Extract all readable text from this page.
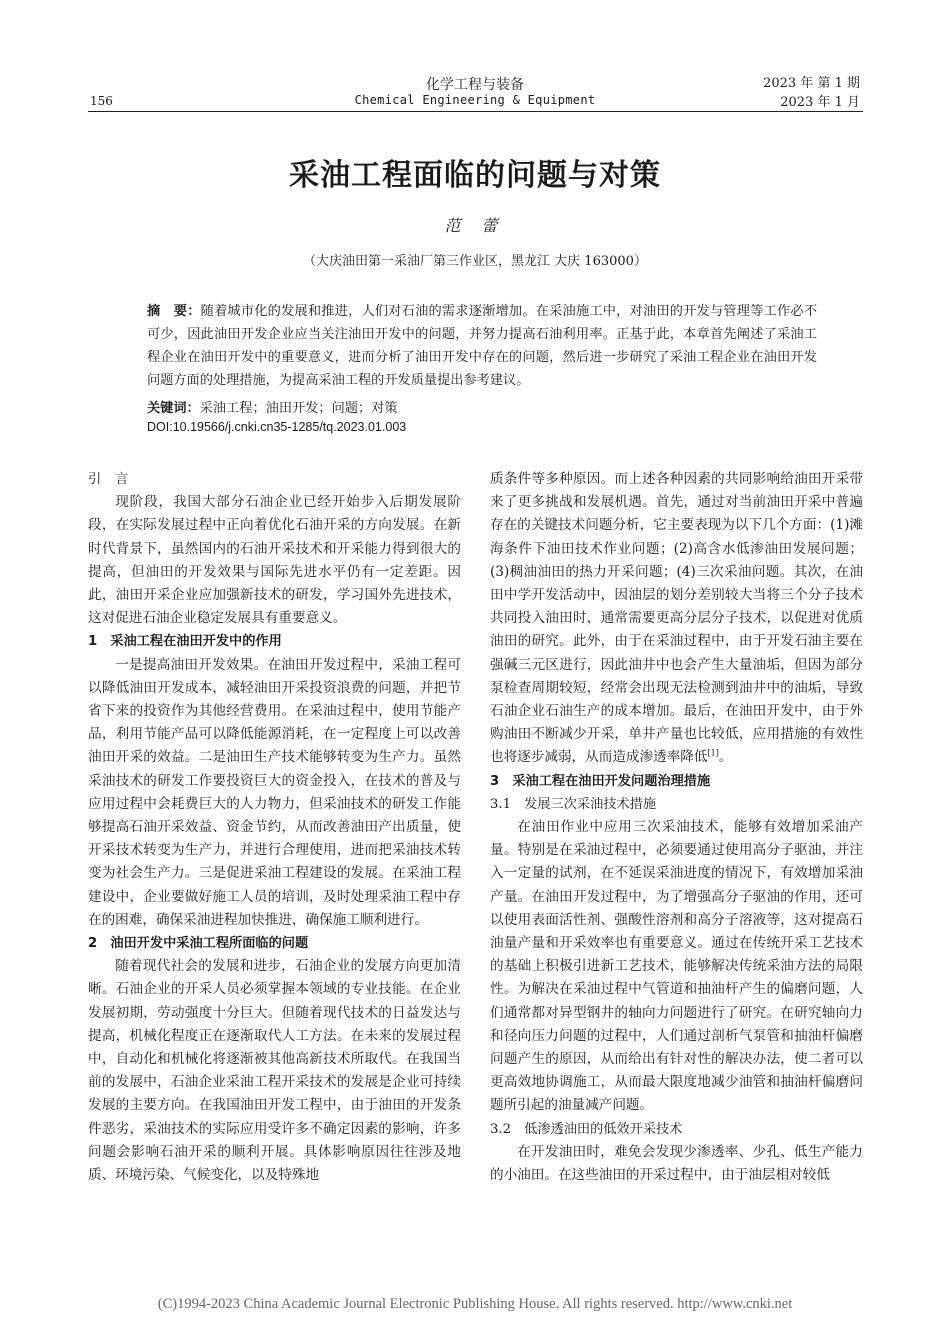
化学工程与装备
Chemical Engineering & Equipment
156
2023 年 第 1 期
2023 年 1 月
采油工程面临的问题与对策
范 蕾
（大庆油田第一采油厂第三作业区，黑龙江 大庆 163000）
摘　要：随着城市化的发展和推进，人们对石油的需求逐渐增加。在采油施工中，对油田的开发与管理等工作必不可少，因此油田开发企业应当关注油田开发中的问题，并努力提高石油利用率。正基于此，本章首先阐述了采油工程企业在油田开发中的重要意义，进而分析了油田开发中存在的问题，然后进一步研究了采油工程企业在油田开发问题方面的处理措施，为提高采油工程的开发质量提出参考建议。
关键词：采油工程；油田开发；问题；对策
DOI:10.19566/j.cnki.cn35-1285/tq.2023.01.003
引言

现阶段，我国大部分石油企业已经开始步入后期发展阶段，在实际发展过程中正向着优化石油开采的方向发展。在新时代背景下，虽然国内的石油开采技术和开采能力得到很大的提高，但油田的开发效果与国际先进水平仍有一定差距。因此，油田开采企业应加强新技术的研发，学习国外先进技术，这对促进石油企业稳定发展具有重要意义。

1　采油工程在油田开发中的作用

一是提高油田开发效果。在油田开发过程中，采油工程可以降低油田开发成本，减轻油田开采投资浪费的问题，并把节省下来的投资作为其他经营费用。在采油过程中，使用节能产品，利用节能产品可以降低能源消耗，在一定程度上可以改善油田开采的效益。二是油田生产技术能够转变为生产力。虽然采油技术的研发工作要投资巨大的资金投入，在技术的普及与应用过程中会耗费巨大的人力物力，但采油技术的研发工作能够提高石油开采效益、资金节约，从而改善油田产出质量，使开采技术转变为生产力，并进行合理使用，进而把采油技术转变为社会生产力。三是促进采油工程建设的发展。在采油工程建设中，企业要做好施工人员的培训，及时处理采油工程中存在的困难，确保采油进程加快推进，确保施工顺利进行。

2　油田开发中采油工程所面临的问题

随着现代社会的发展和进步，石油企业的发展方向更加清晰。石油企业的开采人员必须掌握本领域的专业技能。在企业发展初期，劳动强度十分巨大。但随着现代技术的日益发达与提高，机械化程度正在逐渐取代人工方法。在未来的发展过程中，自动化和机械化将逐渐被其他高新技术所取代。在我国当前的发展中，石油企业采油工程开采技术的发展是企业可持续发展的主要方向。在我国油田开发工程中，由于油田的开发条件恶劣，采油技术的实际应用受许多不确定因素的影响，许多问题会影响石油开采的顺利开展。具体影响原因往往涉及地质、环境污染、气候变化，以及特殊地

质条件等多种原因。而上述各种因素的共同影响给油田开采带来了更多挑战和发展机遇。首先，通过对当前油田开采中普遍存在的关键技术问题分析，它主要表现为以下几个方面：(1)滩海条件下油田技术作业问题；(2)高含水低渗油田发展问题；(3)稠油油田的热力开采问题；(4)三次采油问题。其次，在油田中学开发活动中，因油层的划分差别较大当将三个分子技术共同投入油田时，通常需要更高分层分子技术，以促进对优质油田的研究。此外，由于在采油过程中，由于开发石油主要在强碱三元区进行，因此油井中也会产生大量油垢，但因为部分泵检查周期较短，经常会出现无法检测到油井中的油垢，导致石油企业石油生产的成本增加。最后，在油田开发中，由于外购油田不断减少开采，单井产量也比较低，应用措施的有效性也将逐步减弱，从而造成渗透率降低[1]。

3　采油工程在油田开发问题治理措施
3.1　发展三次采油技术措施

在油田作业中应用三次采油技术，能够有效增加采油产量。特别是在采油过程中，必须要通过使用高分子驱油，并注入一定量的试剂，在不延误采油进度的情况下，有效增加采油产量。在油田开发过程中，为了增强高分子驱油的作用，还可以使用表面活性剂、强酸性溶剂和高分子溶液等，这对提高石油量产量和开采效率也有重要意义。通过在传统开采工艺技术的基础上积极引进新工艺技术，能够解决传统采油方法的局限性。为解决在采油过程中气管道和抽油杆产生的偏磨问题，人们通常都对异型钢井的轴向力问题进行了研究。在研究轴向力和径向压力问题的过程中，人们通过剖析气泵管和抽油杆偏磨问题产生的原因，从而给出有针对性的解决办法，使二者可以更高效地协调施工，从而最大限度地减少油管和抽油杆偏磨问题所引起的油量减产问题。

3.2　低渗透油田的低效开采技术

在开发油田时，难免会发现少渗透率、少孔、低生产能力的小油田。在这些油田的开采过程中，由于油层相对较低

(C)1994-2023 China Academic Journal Electronic Publishing House. All rights reserved. http://www.cnki.net
